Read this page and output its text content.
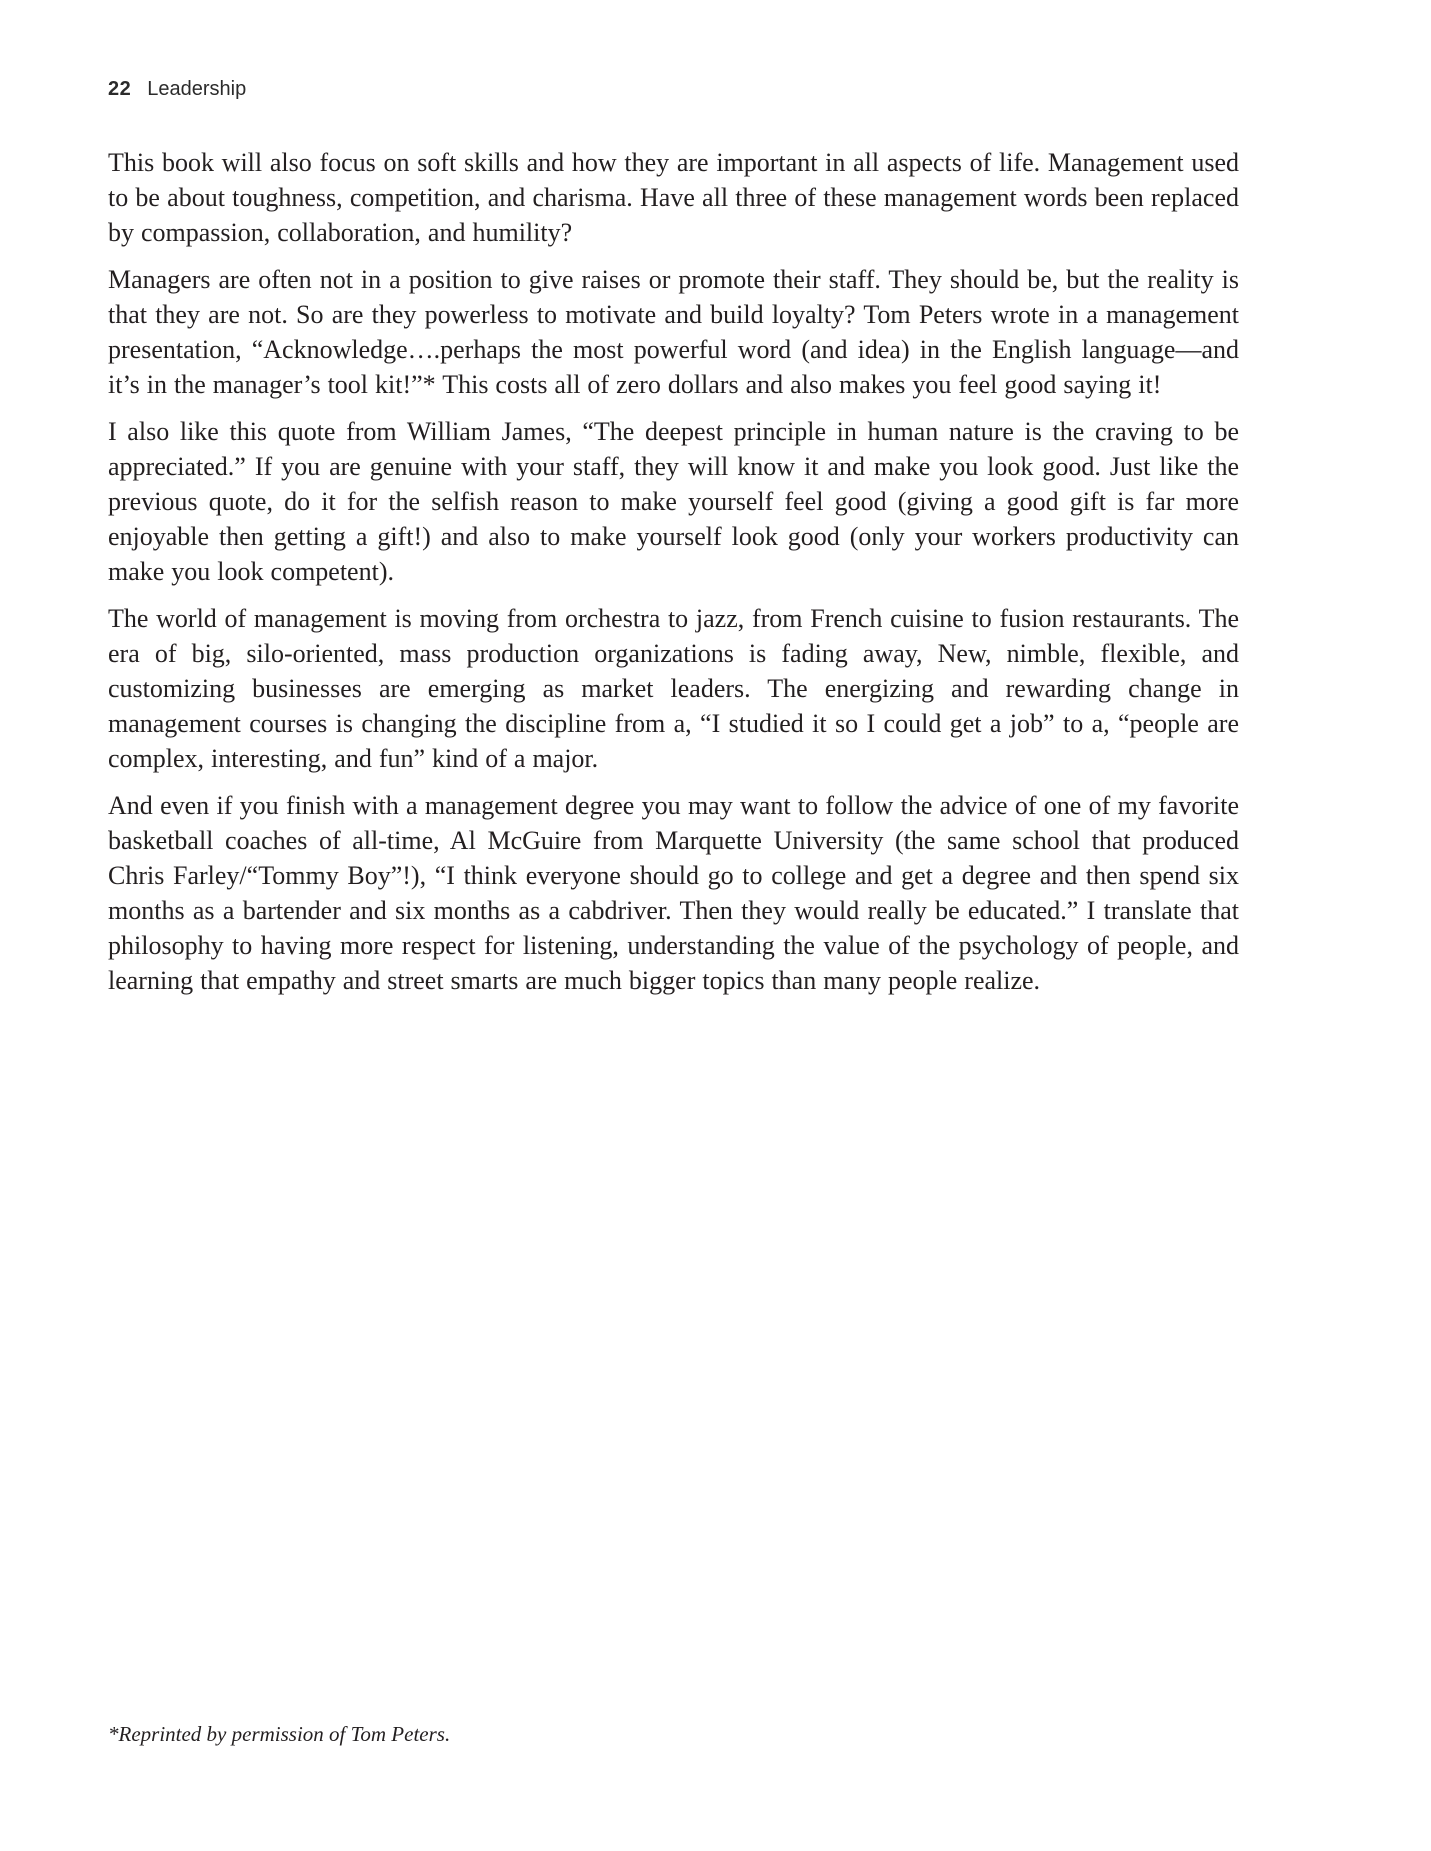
22 Leadership

This book will also focus on soft skills and how they are important in all aspects of life. Management used to be about toughness, competition, and charisma. Have all three of these management words been replaced by compassion, collaboration, and humility?

Managers are often not in a position to give raises or promote their staff. They should be, but the reality is that they are not. So are they powerless to motivate and build loyalty? Tom Peters wrote in a management presentation, “Acknowledge….perhaps the most powerful word (and idea) in the English language—and it’s in the manager’s tool kit!”* This costs all of zero dollars and also makes you feel good saying it!

I also like this quote from William James, “The deepest principle in human nature is the craving to be appreciated.” If you are genuine with your staff, they will know it and make you look good. Just like the previous quote, do it for the selfish reason to make yourself feel good (giving a good gift is far more enjoyable then getting a gift!) and also to make yourself look good (only your workers productivity can make you look competent).

The world of management is moving from orchestra to jazz, from French cuisine to fusion restaurants. The era of big, silo-oriented, mass production organizations is fading away, New, nimble, flexible, and customizing businesses are emerging as market leaders. The energizing and rewarding change in management courses is changing the discipline from a, “I studied it so I could get a job” to a, “people are complex, interesting, and fun” kind of a major.

And even if you finish with a management degree you may want to follow the advice of one of my favorite basketball coaches of all-time, Al McGuire from Marquette University (the same school that produced Chris Farley/“Tommy Boy”!), “I think everyone should go to college and get a degree and then spend six months as a bartender and six months as a cabdriver. Then they would really be educated.” I translate that philosophy to having more respect for listening, understanding the value of the psychology of people, and learning that empathy and street smarts are much bigger topics than many people realize.

*Reprinted by permission of Tom Peters.
